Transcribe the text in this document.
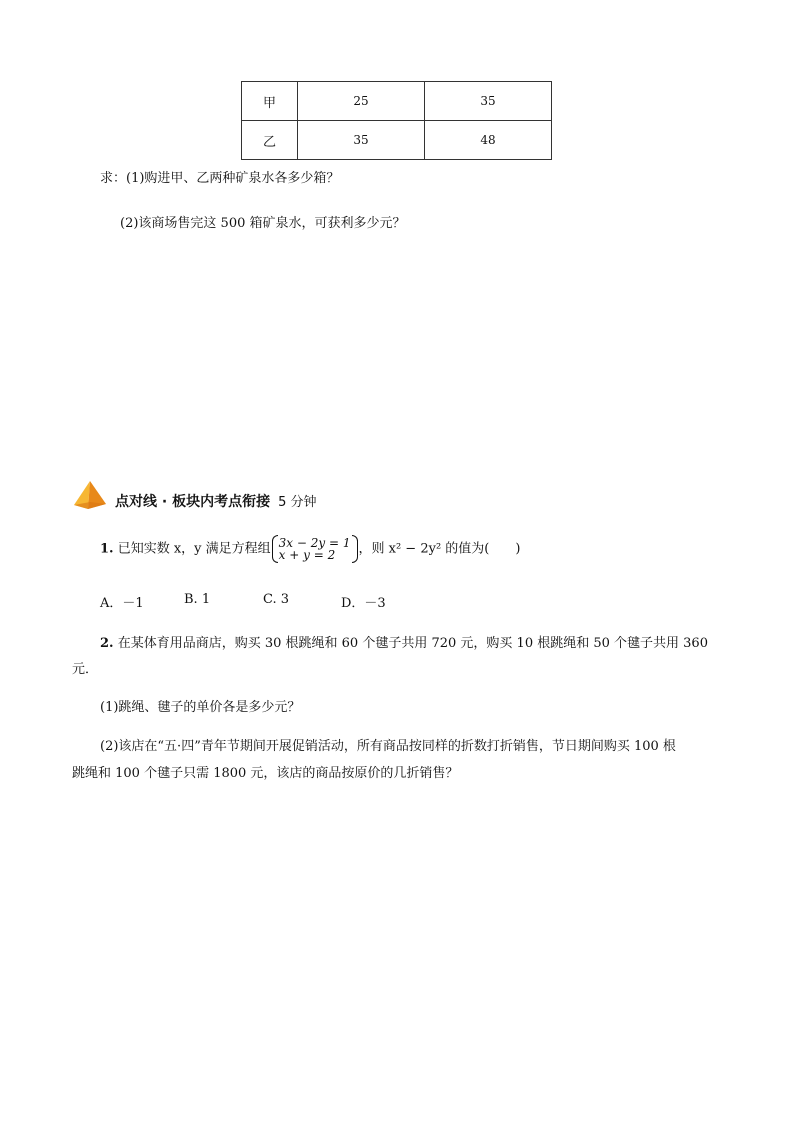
甲	25	35
乙	35	48
求：(1)购进甲、乙两种矿泉水各多少箱？
(2)该商场售完这 500 箱矿泉水，可获利多少元？
点对线 · 板块内考点衔接 5 分钟
1. 已知实数 x，y 满足方程组 3x − 2y = 1
x + y = 2	，则 x² − 2y² 的值为(　　)
A．－1	B. 1	C. 3	D．－3
2. 在某体育用品商店，购买 30 根跳绳和 60 个毽子共用 720 元，购买 10 根跳绳和 50 个毽子共用 360
元．
(1)跳绳、毽子的单价各是多少元？
(2)该店在“五·四”青年节期间开展促销活动，所有商品按同样的折数打折销售，节日期间购买 100 根
跳绳和 100 个毽子只需 1800 元，该店的商品按原价的几折销售？
